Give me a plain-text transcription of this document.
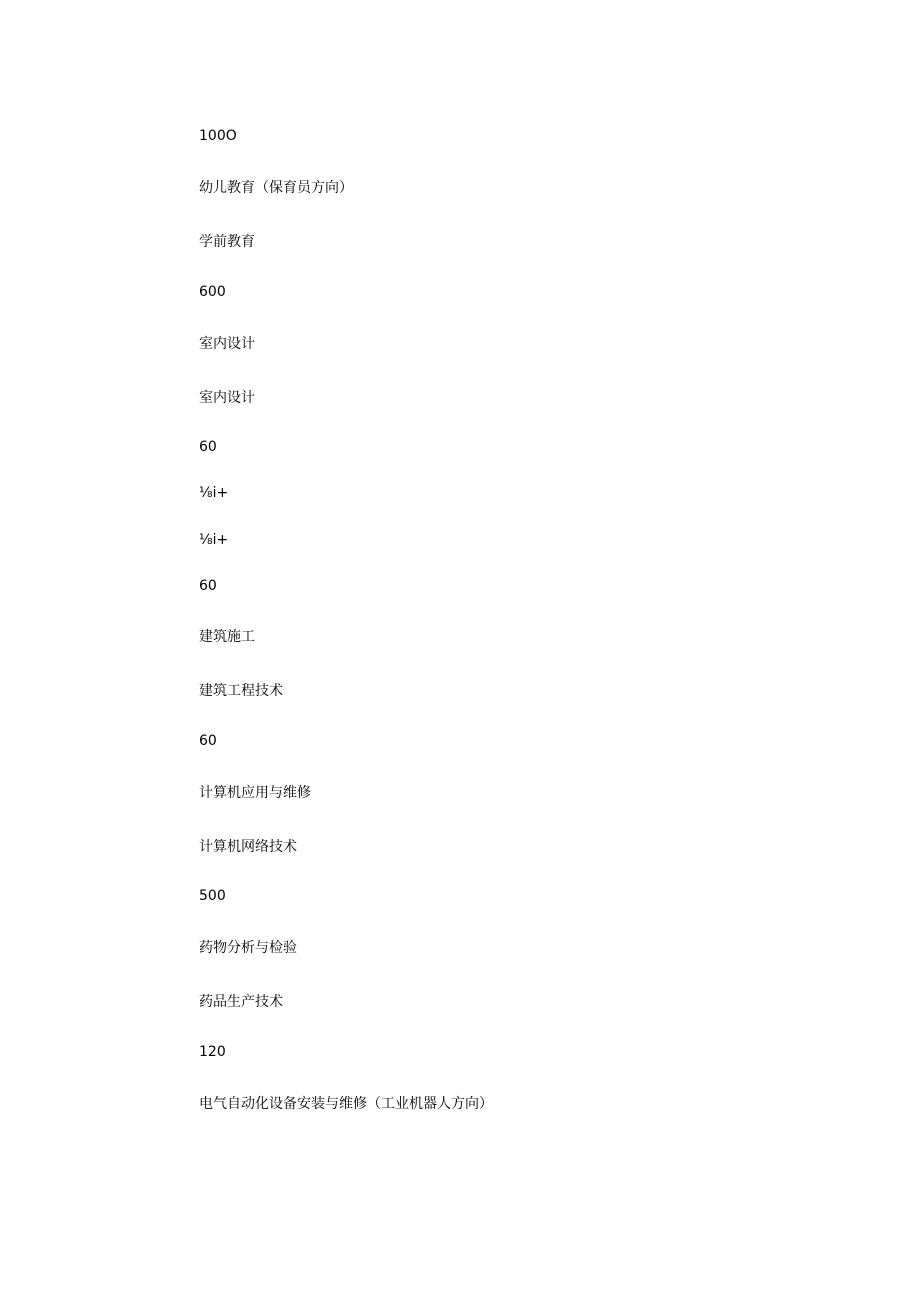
100O
幼儿教育（保育员方向）
学前教育
600
室内设计
室内设计
60
⅛i+
⅛i+
60
建筑施工
建筑工程技术
60
计算机应用与维修
计算机网络技术
500
药物分析与检验
药品生产技术
120
电气自动化设备安装与维修（工业机器人方向）
